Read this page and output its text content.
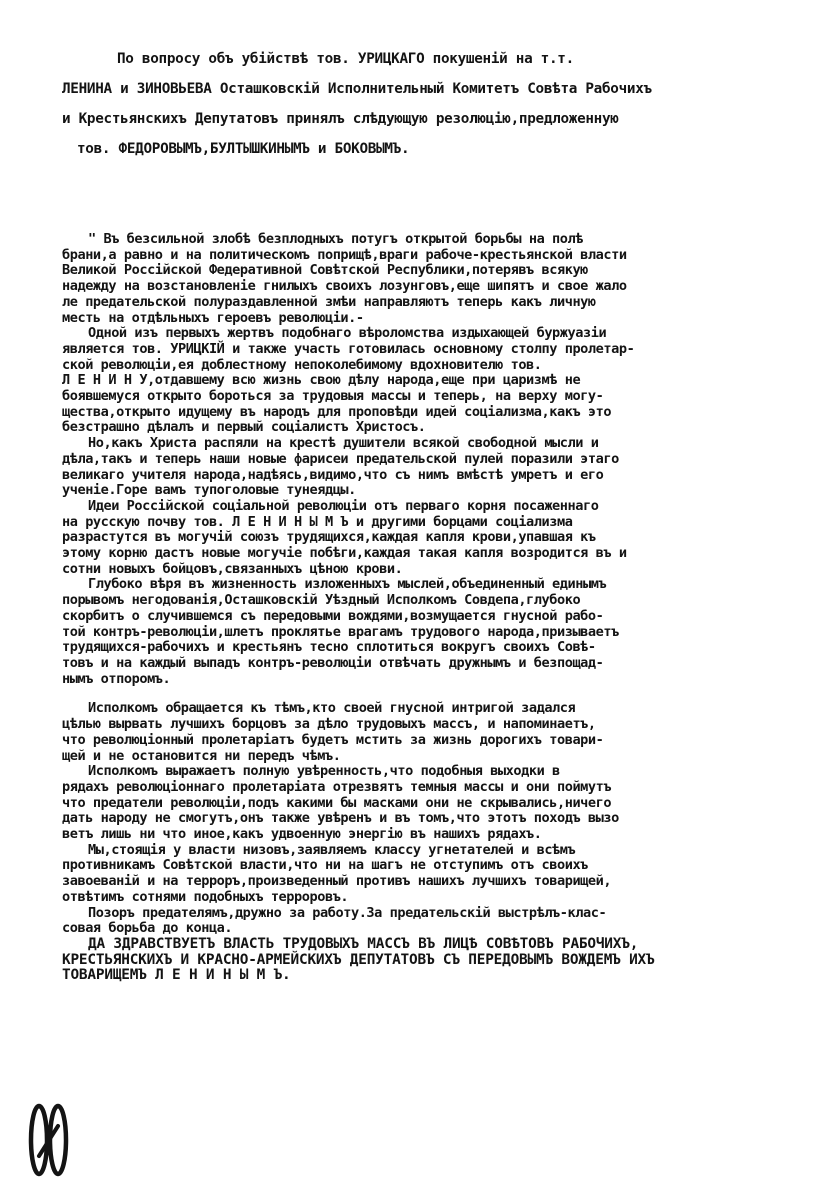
По вопросу объ убійствѣ тов. УРИЦКАГО покушеній на т.т.
ЛЕНИНА и ЗИНОВЬЕВА Осташковскій Исполнительный Комитетъ Совѣта Рабочихъ
и Крестьянскихъ Депутатовъ принялъ слѣдующую резолюцію,предложенную
тов. ФЕДОРОВЫМЪ,БУЛТЫШКИНЫМЪ и БОКОВЫМЪ.

" Въ безсильной злобѣ безплодныхъ потугъ открытой борьбы на полѣ
брани,а равно и на политическомъ поприщѣ,враги рабоче-крестьянской власти
Великой Россійской Федеративной Совѣтской Республики,потерявъ всякую
надежду на возстановленіе гнилыхъ своихъ лозунговъ,еще шипятъ и свое жало
ле предательской полураздавленной змѣи направляютъ теперь какъ личную
месть на отдѣльныхъ героевъ революціи.-

Одной изъ первыхъ жертвъ подобнаго вѣроломства издыхающей буржуазіи
является тов. УРИЦКІЙ и также участь готовилась основному столпу пролетар-
ской революціи,ея доблестному непоколебимому вдохновителю тов.
Л Е Н И Н У,отдавшему всю жизнь свою дѣлу народа,еще при царизмѣ не
боявшемуся открыто бороться за трудовыя массы и теперь, на верху могу-
щества,открыто идущему въ народъ для проповѣди идей соціализма,какъ это
безстрашно дѣлалъ и первый соціалистъ Христосъ.

Но,какъ Христа распяли на крестѣ душители всякой свободной мысли и
дѣла,такъ и теперь наши новые фарисеи предательской пулей поразили этаго
великаго учителя народа,надѣясь,видимо,что съ нимъ вмѣстѣ умретъ и его
ученіе.Горе вамъ тупоголовые тунеядцы.

Идеи Россійской соціальной революціи отъ перваго корня посаженнаго
на русскую почву тов. Л Е Н И Н Ы М Ъ и другими борцами соціализма
разрастутся въ могучій союзъ трудящихся,каждая капля крови,упавшая къ
этому корню дастъ новые могучіе побѣги,каждая такая капля возродится въ и
сотни новыхъ бойцовъ,связанныхъ цѣною крови.

Глубоко вѣря въ жизненность изложенныхъ мыслей,объединенный единымъ
порывомъ негодованія,Осташковскій Уѣздный Исполкомъ Совдепа,глубоко
скорбитъ о случившемся съ передовыми вождями,возмущается гнусной рабо-
той контръ-революціи,шлетъ проклятье врагамъ трудового народа,призываетъ
трудящихся-рабочихъ и крестьянъ тесно сплотиться вокругъ своихъ Совѣ-
товъ и на каждый выпадъ контръ-революціи отвѣчать дружнымъ и безпощад-
нымъ отпоромъ.

Исполкомъ обращается къ тѣмъ,кто своей гнусной интригой задался
цѣлью вырвать лучшихъ борцовъ за дѣло трудовыхъ массъ, и напоминаетъ,
что революціонный пролетаріатъ будетъ мстить за жизнь дорогихъ товари-
щей и не остановится ни передъ чѣмъ.

Исполкомъ выражаетъ полную увѣренность,что подобныя выходки в
рядахъ революціоннаго пролетаріата отрезвятъ темныя массы и они поймутъ
что предатели революціи,подъ какими бы масками они не скрывались,ничего
дать народу не смогутъ,онъ также увѣренъ и въ томъ,что этотъ походъ вызо
ветъ лишь ни что иное,какъ удвоенную энергію въ нашихъ рядахъ.

Мы,стоящія у власти низовъ,заявляемъ классу угнетателей и всѣмъ
противникамъ Совѣтской власти,что ни на шагъ не отступимъ отъ своихъ
завоеваній и на терроръ,произведенный противъ нашихъ лучшихъ товарищей,
отвѣтимъ сотнями подобныхъ террoровъ.

Позоръ предателямъ,дружно за работу.За предательскій выстрѣлъ-клас-
совая борьба до конца.

ДА ЗДРАВСТВУЕТЪ ВЛАСТЬ ТРУДОВЫХЪ МАССЪ ВЪ ЛИЦѢ СОВѢТОВЪ РАБОЧИХЪ,
КРЕСТЬЯНСКИХЪ И КРАСНО-АРМЕЙСКИХЪ ДЕПУТАТОВЪ СЪ ПЕРЕДОВЫМЪ ВОЖДЕМЪ ИХЪ
ТОВАРИЩЕМЪ Л Е Н И Н Ы М Ъ.
